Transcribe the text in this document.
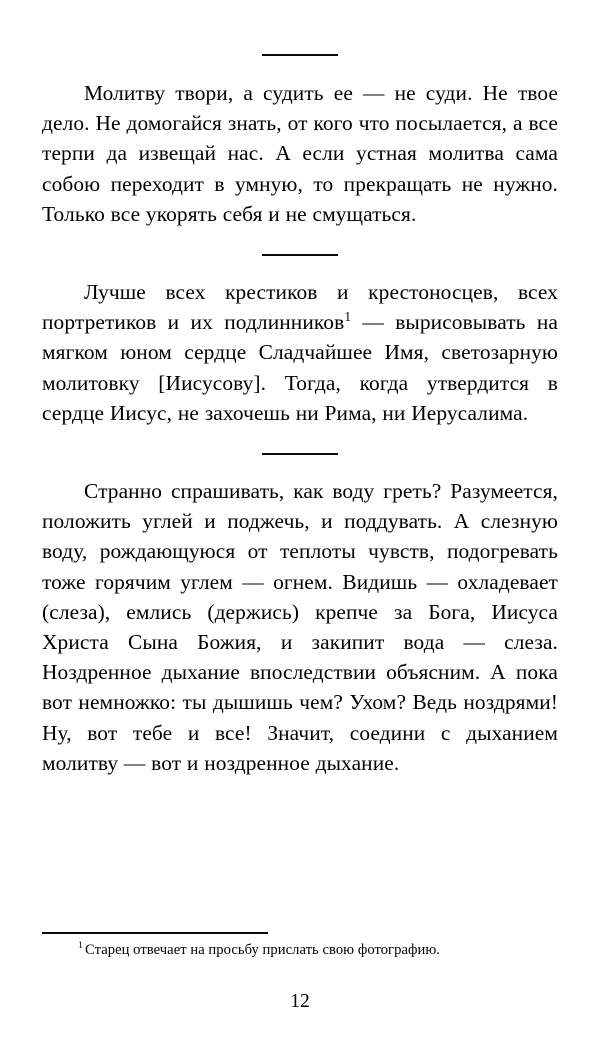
Молитву твори, а судить ее — не суди. Не твое дело. Не домогайся знать, от кого что посылается, а все терпи да извещай нас. А если устная молитва сама собою переходит в умную, то прекращать не нужно. Только все укорять себя и не смущаться.

Лучше всех крестиков и крестоносцев, всех портретиков и их подлинников$^1$ — вырисовывать на мягком юном сердце Сладчайшее Имя, светозарную молитовку [Иисусову]. Тогда, когда утвердится в сердце Иисус, не захочешь ни Рима, ни Иерусалима.

Странно спрашивать, как воду греть? Разумеется, положить углей и поджечь, и поддувать. А слезную воду, рождающуюся от теплоты чувств, подогревать тоже горячим углем — огнем. Видишь — охладевает (слеза), емлись (держись) крепче за Бога, Иисуса Христа Сына Божия, и закипит вода — слеза. Ноздренное дыхание впоследствии объясним. А пока вот немножко: ты дышишь чем? Ухом? Ведь ноздрями! Ну, вот тебе и все! Значит, соедини с дыханием молитву — вот и ноздренное дыхание.

$^1$ Старец отвечает на просьбу прислать свою фотографию.

12
